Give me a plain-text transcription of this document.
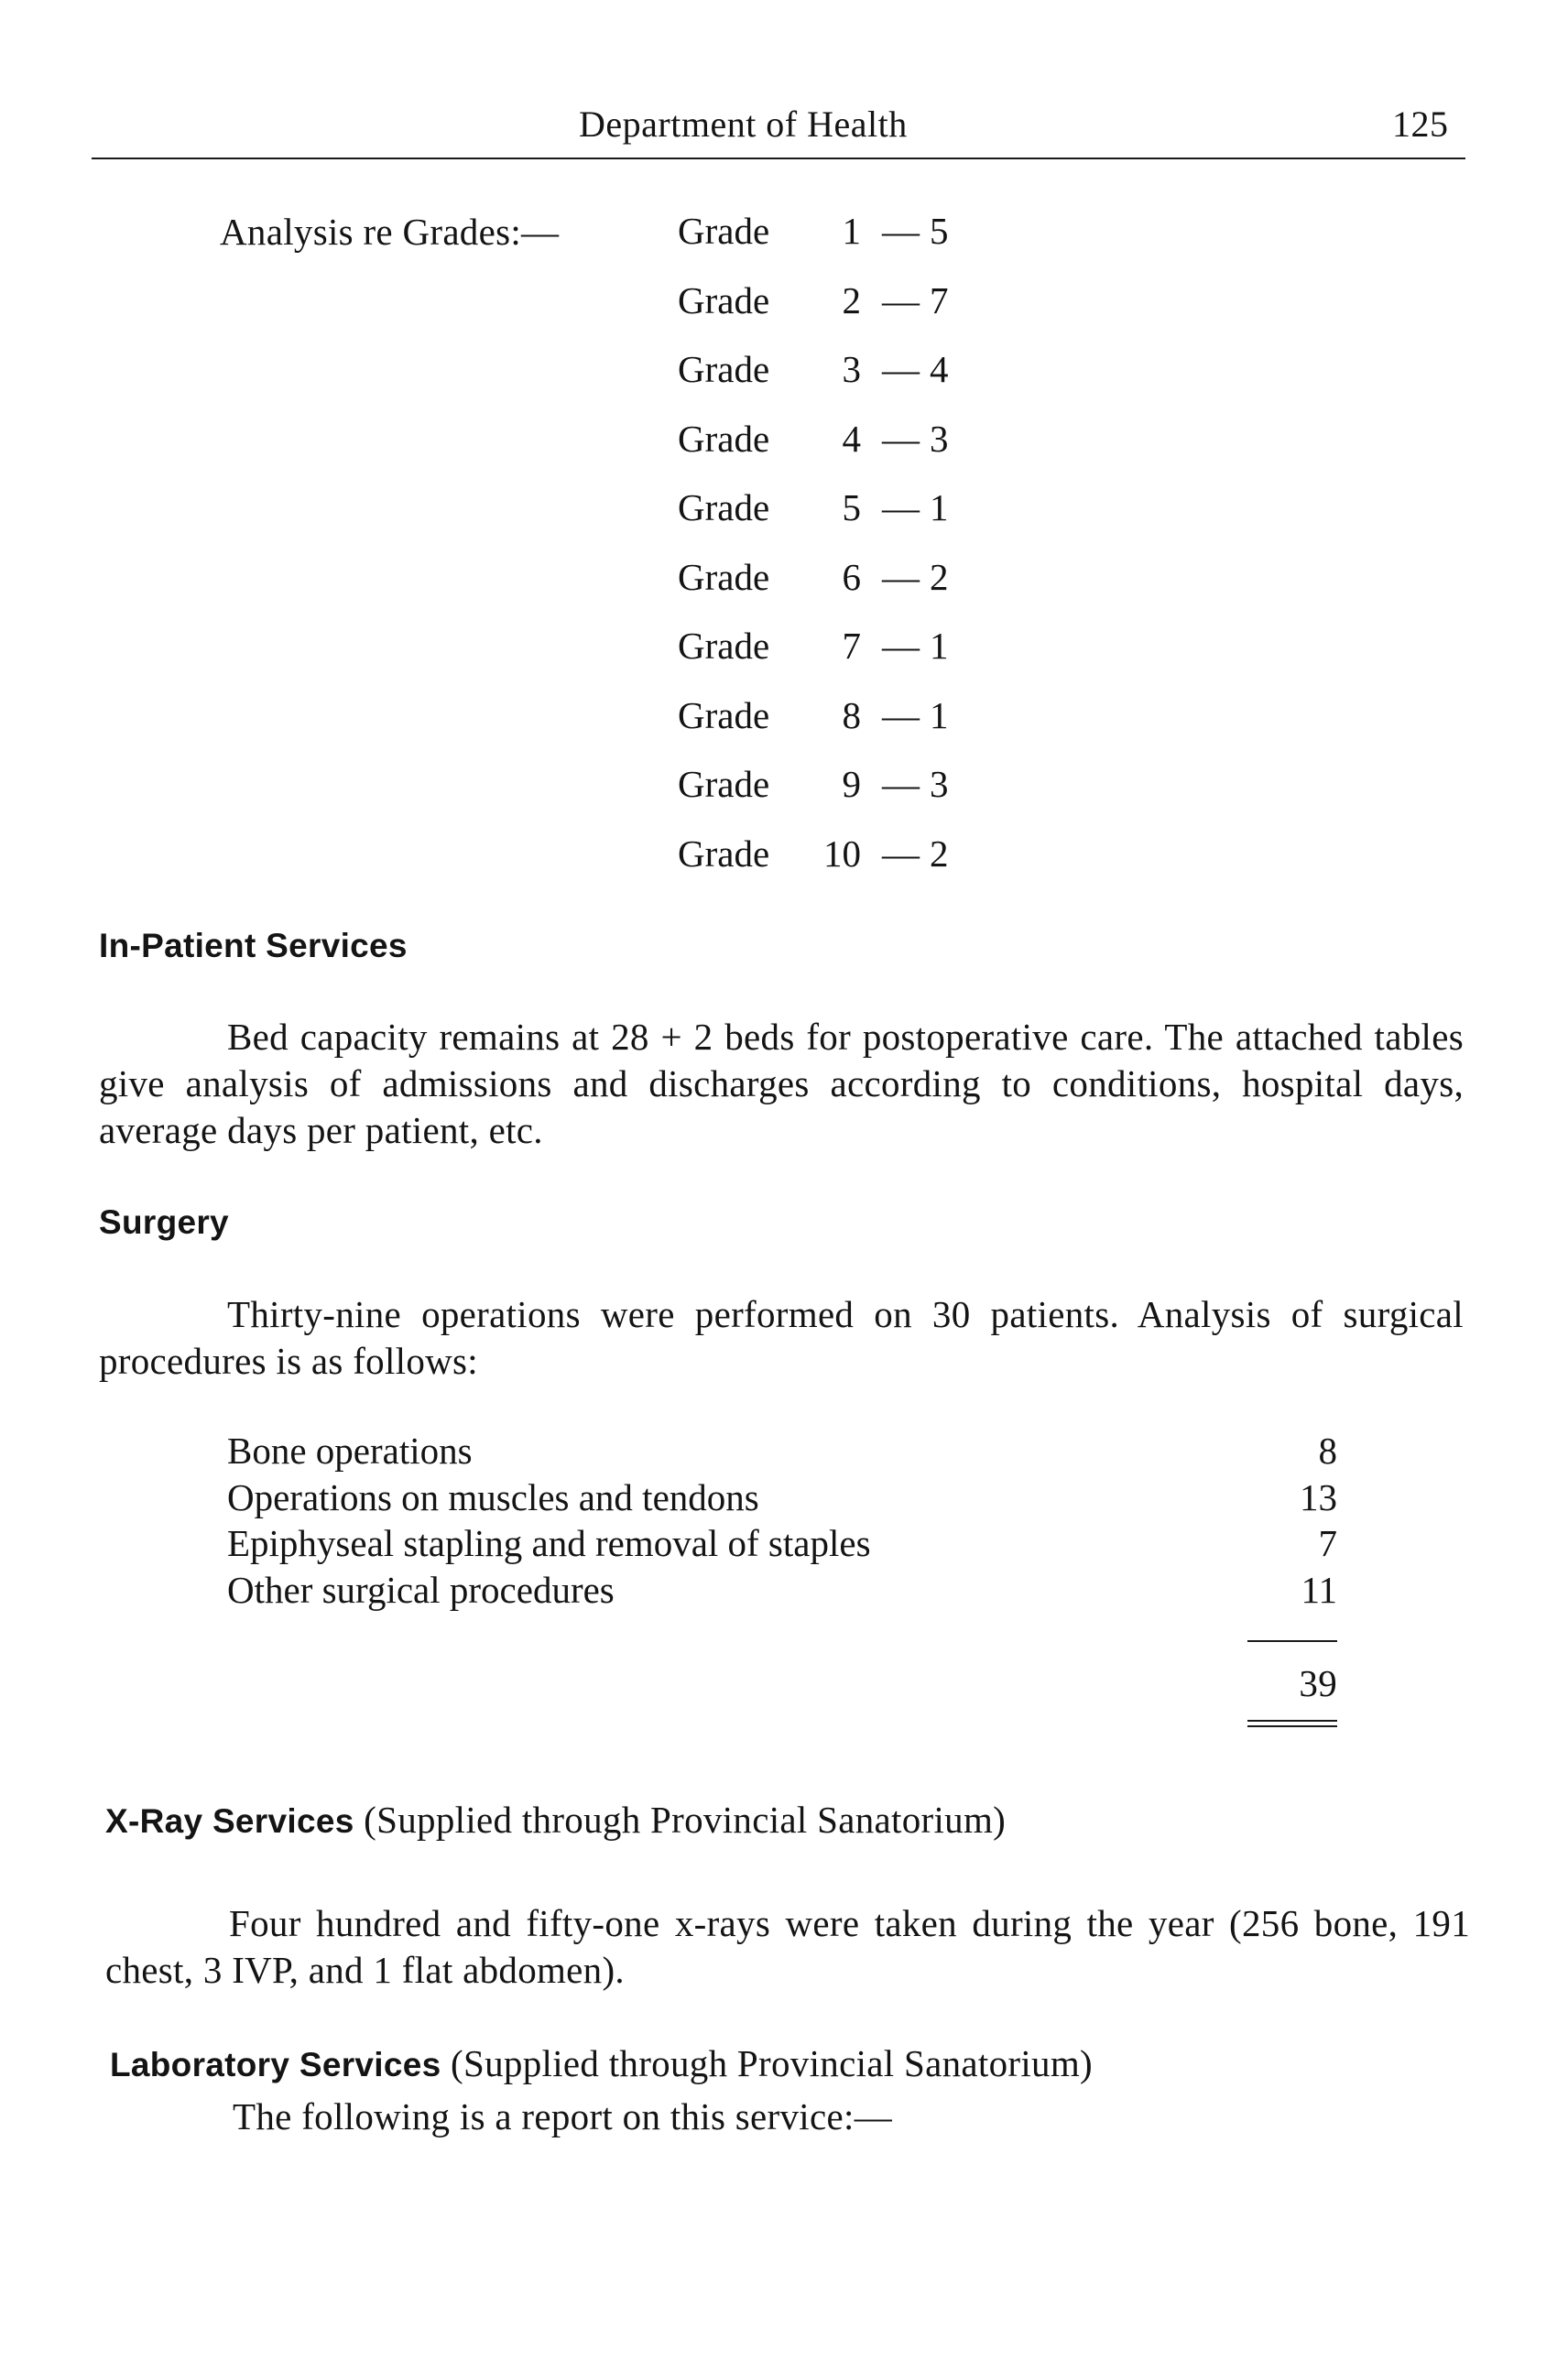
Department of Health	125
Analysis re Grades:—	Grade	1 — 5
Grade	2 — 7
Grade	3 — 4
Grade	4 — 3
Grade	5 — 1
Grade	6 — 2
Grade	7 — 1
Grade	8 — 1
Grade	9 — 3
Grade	10 — 2
In-Patient Services
Bed capacity remains at 28 + 2 beds for postoperative care. The attached tables give analysis of admissions and discharges according to conditions, hospital days, average days per patient, etc.
Surgery
Thirty-nine operations were performed on 30 patients. Analysis of surgical procedures is as follows:
Bone operations	8
Operations on muscles and tendons	13
Epiphyseal stapling and removal of staples	7
Other surgical procedures	11
39
X-Ray Services (Supplied through Provincial Sanatorium)
Four hundred and fifty-one x-rays were taken during the year (256 bone, 191 chest, 3 IVP, and 1 flat abdomen).
Laboratory Services (Supplied through Provincial Sanatorium)
The following is a report on this service:—
